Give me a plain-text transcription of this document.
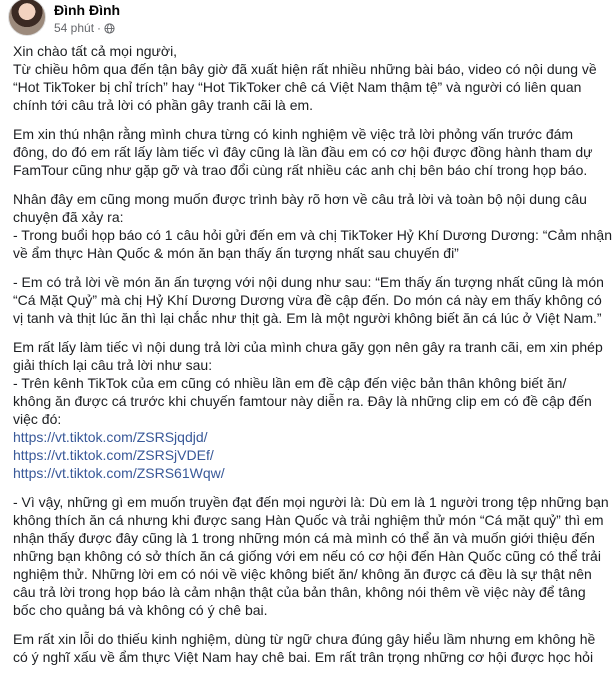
Đình Đình
54 phút ·
Xin chào tất cả mọi người,
Từ chiều hôm qua đến tận bây giờ đã xuất hiện rất nhiều những bài báo, video có nội dung về
“Hot TikToker bị chỉ trích” hay “Hot TikToker chê cá Việt Nam thậm tệ” và người có liên quan
chính tới câu trả lời có phần gây tranh cãi là em.
Em xin thú nhận rằng mình chưa từng có kinh nghiệm về việc trả lời phỏng vấn trước đám
đông, do đó em rất lấy làm tiếc vì đây cũng là lần đầu em có cơ hội được đồng hành tham dự
FamTour cũng như gặp gỡ và trao đổi cùng rất nhiều các anh chị bên báo chí trong họp báo.
Nhân đây em cũng mong muốn được trình bày rõ hơn về câu trả lời và toàn bộ nội dung câu
chuyện đã xảy ra:
- Trong buổi họp báo có 1 câu hỏi gửi đến em và chị TikToker Hỷ Khí Dương Dương: “Cảm nhận
về ẩm thực Hàn Quốc & món ăn bạn thấy ấn tượng nhất sau chuyến đi”
- Em có trả lời về món ăn ấn tượng với nội dung như sau: “Em thấy ấn tượng nhất cũng là món
“Cá Mặt Quỷ” mà chị Hỷ Khí Dương Dương vừa đề cập đến. Do món cá này em thấy không có
vị tanh và thịt lúc ăn thì lại chắc như thịt gà. Em là một người không biết ăn cá lúc ở Việt Nam.”
Em rất lấy làm tiếc vì nội dung trả lời của mình chưa gãy gọn nên gây ra tranh cãi, em xin phép
giải thích lại câu trả lời như sau:
- Trên kênh TikTok của em cũng có nhiều lần em đề cập đến việc bản thân không biết ăn/
không ăn được cá trước khi chuyến famtour này diễn ra. Đây là những clip em có đề cập đến
việc đó:
https://vt.tiktok.com/ZSRSjqdjd/
https://vt.tiktok.com/ZSRSjVDEf/
https://vt.tiktok.com/ZSRS61Wqw/
- Vì vậy, những gì em muốn truyền đạt đến mọi người là: Dù em là 1 người trong tệp những bạn
không thích ăn cá nhưng khi được sang Hàn Quốc và trải nghiệm thử món “Cá mặt quỷ” thì em
nhận thấy được đây cũng là 1 trong những món cá mà mình có thể ăn và muốn giới thiệu đến
những bạn không có sở thích ăn cá giống với em nếu có cơ hội đến Hàn Quốc cũng có thể trải
nghiệm thử. Những lời em có nói về việc không biết ăn/ không ăn được cá đều là sự thật nên
câu trả lời trong họp báo là cảm nhận thật của bản thân, không nói thêm về việc này để tâng
bốc cho quảng bá và không có ý chê bai.
Em rất xin lỗi do thiếu kinh nghiệm, dùng từ ngữ chưa đúng gây hiểu lầm nhưng em không hề
có ý nghĩ xấu về ẩm thực Việt Nam hay chê bai. Em rất trân trọng những cơ hội được học hỏi
